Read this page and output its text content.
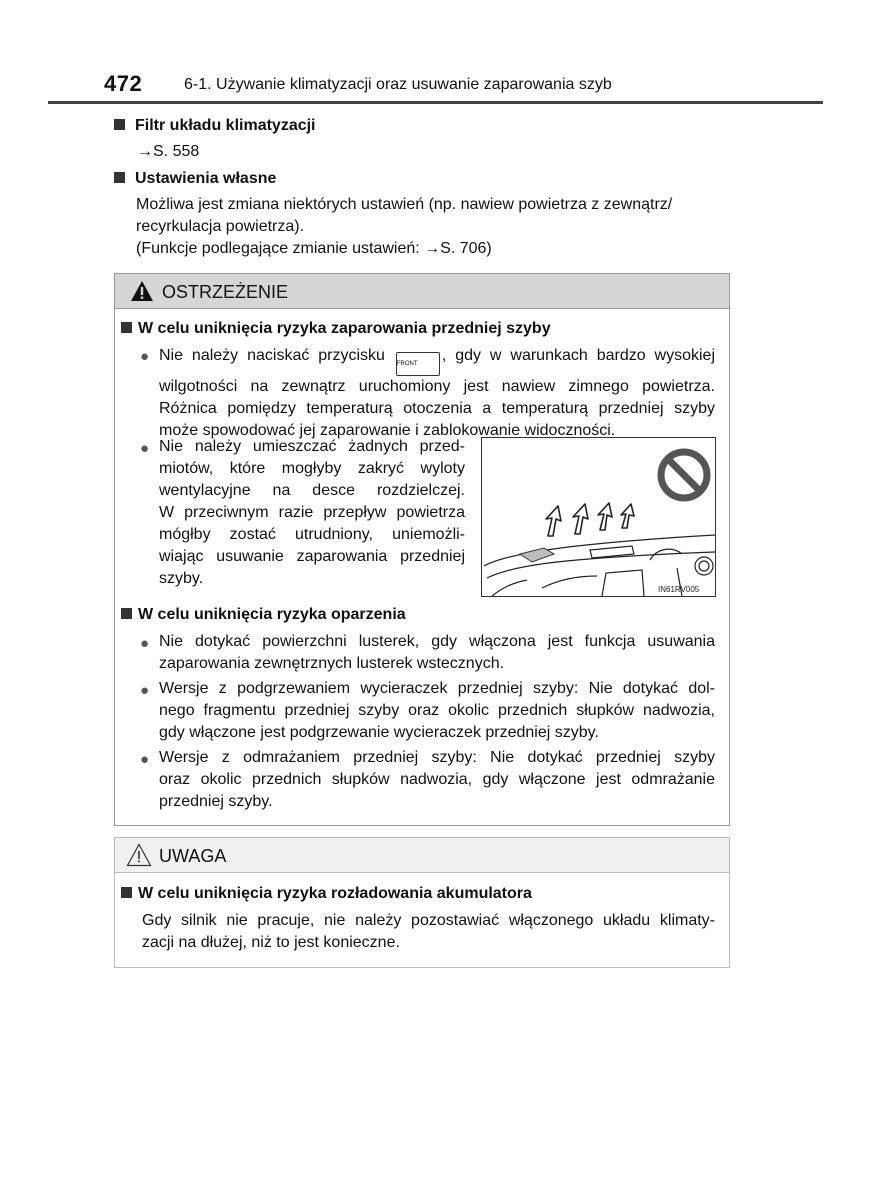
472	6-1. Używanie klimatyzacji oraz usuwanie zaparowania szyb
Filtr układu klimatyzacji
→S. 558
Ustawienia własne
Możliwa jest zmiana niektórych ustawień (np. nawiew powietrza z zewnątrz/
recyrkulacja powietrza).
(Funkcje podlegające zmianie ustawień: →S. 706)
OSTRZEŻENIE
W celu uniknięcia ryzyka zaparowania przedniej szyby
● Nie należy naciskać przycisku FRONT , gdy w warunkach bardzo wysokiej
wilgotności na zewnątrz uruchomiony jest nawiew zimnego powietrza.
Różnica pomiędzy temperaturą otoczenia a temperaturą przedniej szyby
może spowodować jej zaparowanie i zablokowanie widoczności.
● Nie należy umieszczać żadnych przed-
miotów, które mogłyby zakryć wyloty
wentylacyjne na desce rozdzielczej.
W przeciwnym razie przepływ powietrza
mógłby zostać utrudniony, uniemożli-
wiając usuwanie zaparowania przedniej
szyby.
IN61RV005
W celu uniknięcia ryzyka oparzenia
● Nie dotykać powierzchni lusterek, gdy włączona jest funkcja usuwania
zaparowania zewnętrznych lusterek wstecznych.
● Wersje z podgrzewaniem wycieraczek przedniej szyby: Nie dotykać dol-
nego fragmentu przedniej szyby oraz okolic przednich słupków nadwozia,
gdy włączone jest podgrzewanie wycieraczek przedniej szyby.
● Wersje z odmrażaniem przedniej szyby: Nie dotykać przedniej szyby
oraz okolic przednich słupków nadwozia, gdy włączone jest odmrażanie
przedniej szyby.
UWAGA
W celu uniknięcia ryzyka rozładowania akumulatora
Gdy silnik nie pracuje, nie należy pozostawiać włączonego układu klimaty-
zacji na dłużej, niż to jest konieczne.
